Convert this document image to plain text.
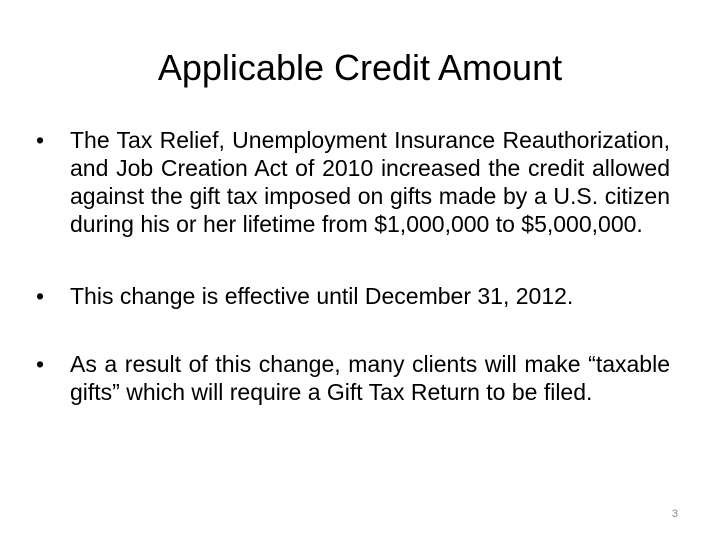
Applicable Credit Amount
•	The Tax Relief, Unemployment Insurance Reauthorization, and Job Creation Act of 2010 increased the credit allowed against the gift tax imposed on gifts made by a U.S. citizen during his or her lifetime from $1,000,000 to $5,000,000.
•	This change is effective until December 31, 2012.
•	As a result of this change, many clients will make “taxable gifts” which will require a Gift Tax Return to be filed.
3
